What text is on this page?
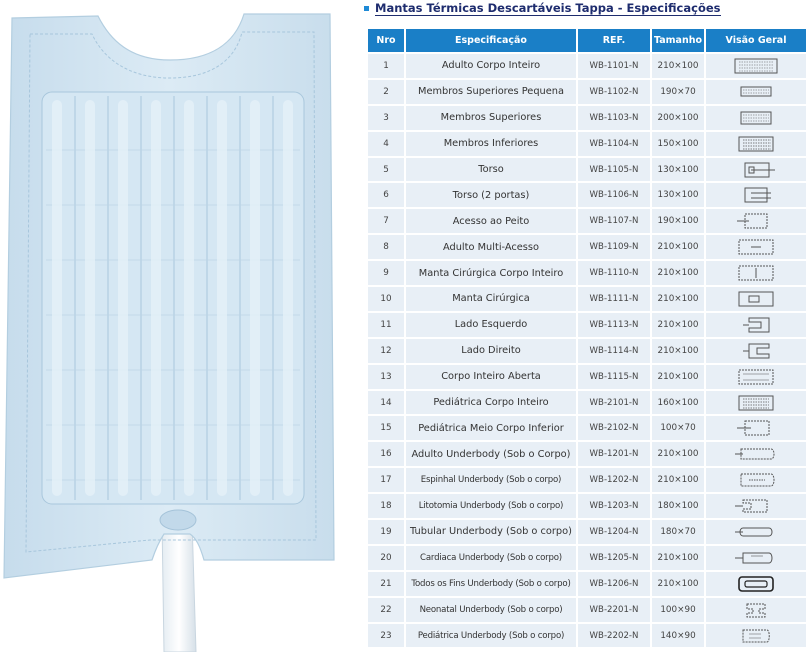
Mantas Térmicas Descartáveis Tappa - Especificações
Nro	Especificação	REF.	Tamanho	Visão Geral
1	Adulto Corpo Inteiro	WB-1101-N	210×100	

2	Membros Superiores Pequena	WB-1102-N	190×70	

3	Membros Superiores	WB-1103-N	200×100	

4	Membros Inferiores	WB-1104-N	150×100	

5	Torso	WB-1105-N	130×100	

6	Torso (2 portas)	WB-1106-N	130×100	

7	Acesso ao Peito	WB-1107-N	190×100	

8	Adulto Multi-Acesso	WB-1109-N	210×100	

9	Manta Cirúrgica Corpo Inteiro	WB-1110-N	210×100	

10	Manta Cirúrgica	WB-1111-N	210×100	

11	Lado Esquerdo	WB-1113-N	210×100	

12	Lado Direito	WB-1114-N	210×100	

13	Corpo Inteiro Aberta	WB-1115-N	210×100	

14	Pediátrica Corpo Inteiro	WB-2101-N	160×100	

15	Pediátrica Meio Corpo Inferior	WB-2102-N	100×70	

16	Adulto Underbody (Sob o Corpo)	WB-1201-N	210×100	

17	Espinhal Underbody (Sob o corpo)	WB-1202-N	210×100	

18	Litotomia Underbody (Sob o corpo)	WB-1203-N	180×100	

19	Tubular Underbody (Sob o corpo)	WB-1204-N	180×70	

20	Cardiaca Underbody (Sob o corpo)	WB-1205-N	210×100	

21	Todos os Fins Underbody (Sob o corpo)	WB-1206-N	210×100	

22	Neonatal Underbody (Sob o corpo)	WB-2201-N	100×90	

23	Pediátrica Underbody (Sob o corpo)	WB-2202-N	140×90	
